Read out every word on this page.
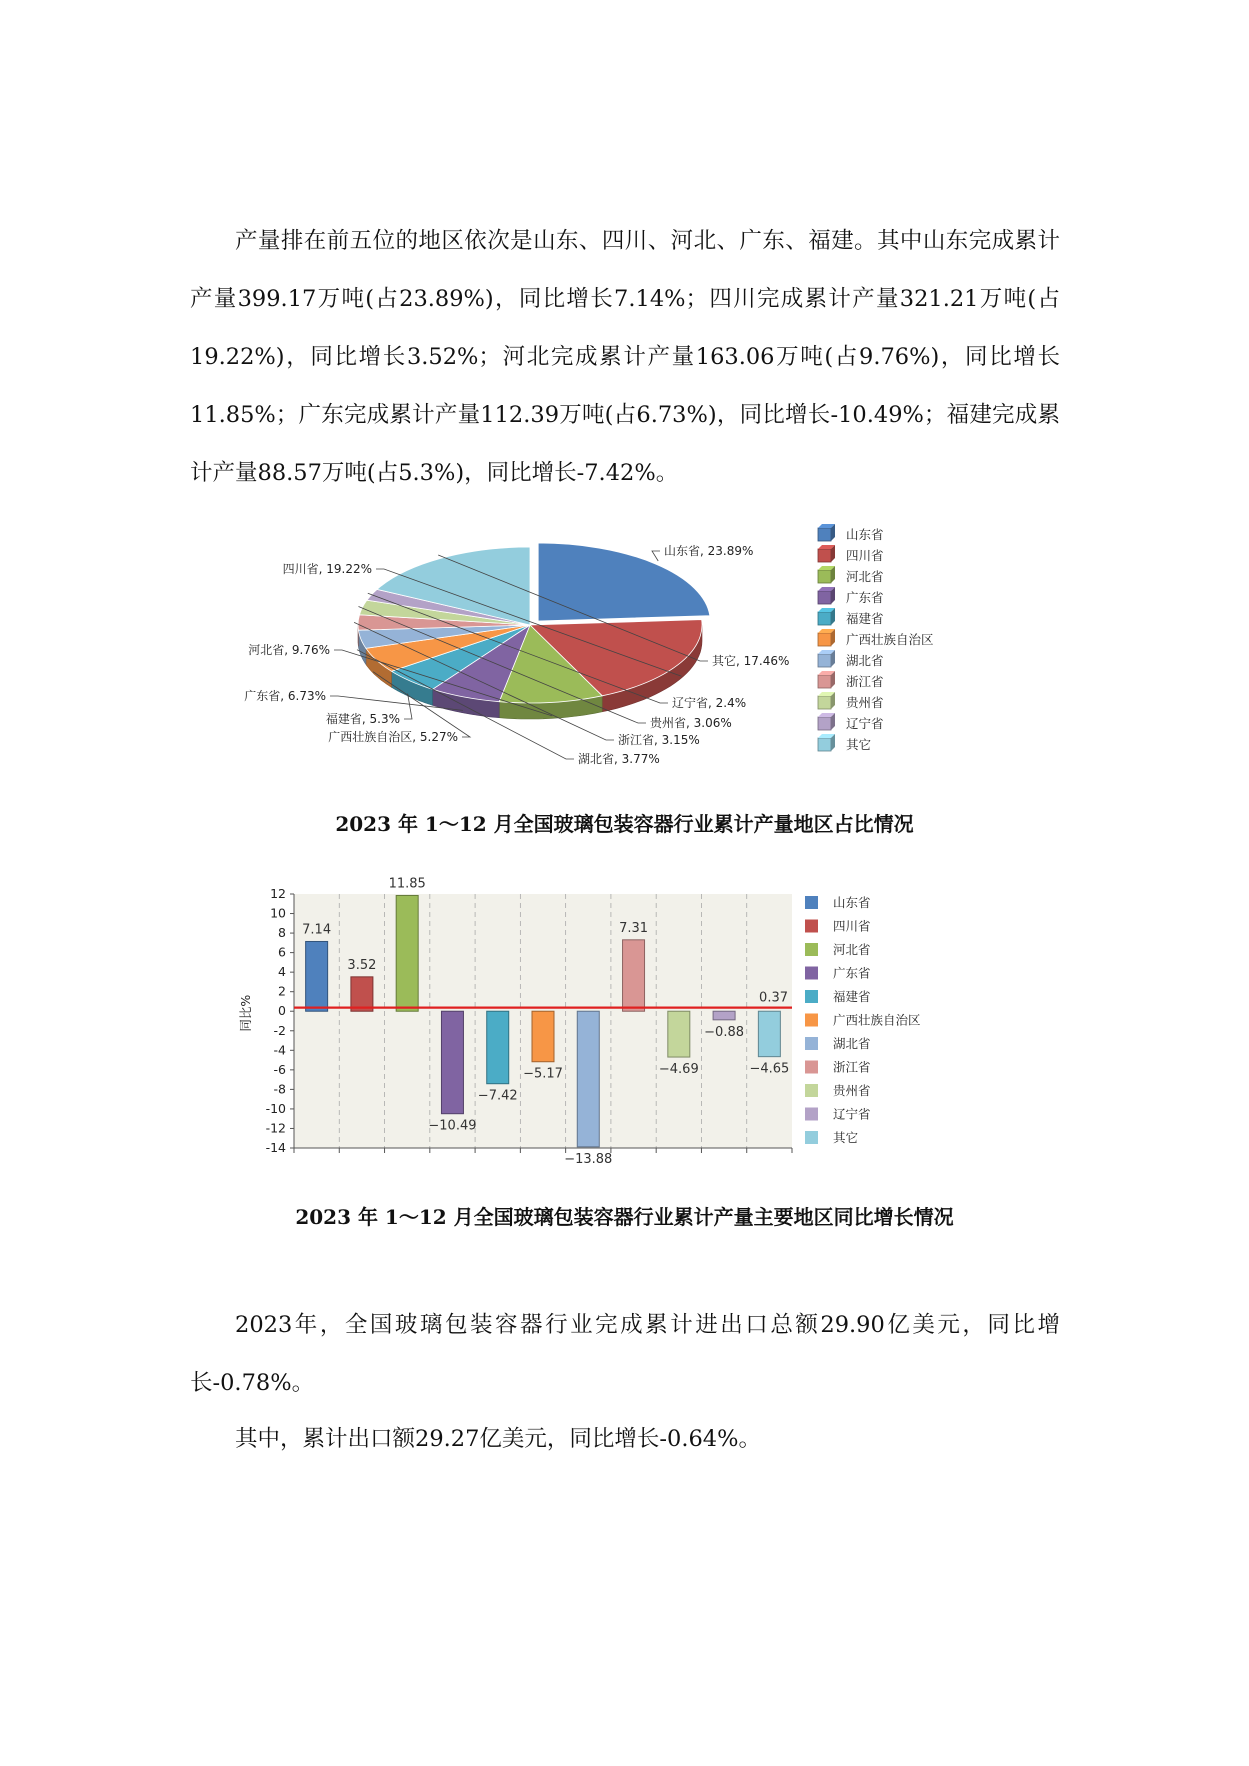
产量排在前五位的地区依次是山东、四川、河北、广东、福建。其中山东完成累计产量399.17万吨(占23.89%)，同比增长7.14%；四川完成累计产量321.21万吨(占19.22%)，同比增长3.52%；河北完成累计产量163.06万吨(占9.76%)，同比增长11.85%；广东完成累计产量112.39万吨(占6.73%)，同比增长-10.49%；福建完成累计产量88.57万吨(占5.3%)，同比增长-7.42%。

山东省, 23.89%
四川省, 19.22%
河北省, 9.76%
广东省, 6.73%
福建省, 5.3%
广西壮族自治区, 5.27%
湖北省, 3.77%
浙江省, 3.15%
贵州省, 3.06%
辽宁省, 2.4%
其它, 17.46%
山东省
四川省
河北省
广东省
福建省
广西壮族自治区
湖北省
浙江省
贵州省
辽宁省
其它
2023 年 1～12 月全国玻璃包装容器行业累计产量地区占比情况
12
10
8
6
4
2
0
-2
-4
-6
-8
-10
-12
-14
同比%
7.14
3.52
11.85
−10.49
−7.42
−5.17
−13.88
7.31
−4.69
−0.88
−4.65
0.37
山东省
四川省
河北省
广东省
福建省
广西壮族自治区
湖北省
浙江省
贵州省
辽宁省
其它
2023 年 1～12 月全国玻璃包装容器行业累计产量主要地区同比增长情况

2023年，全国玻璃包装容器行业完成累计进出口总额29.90亿美元，同比增长-0.78%。

其中，累计出口额29.27亿美元，同比增长-0.64%。
